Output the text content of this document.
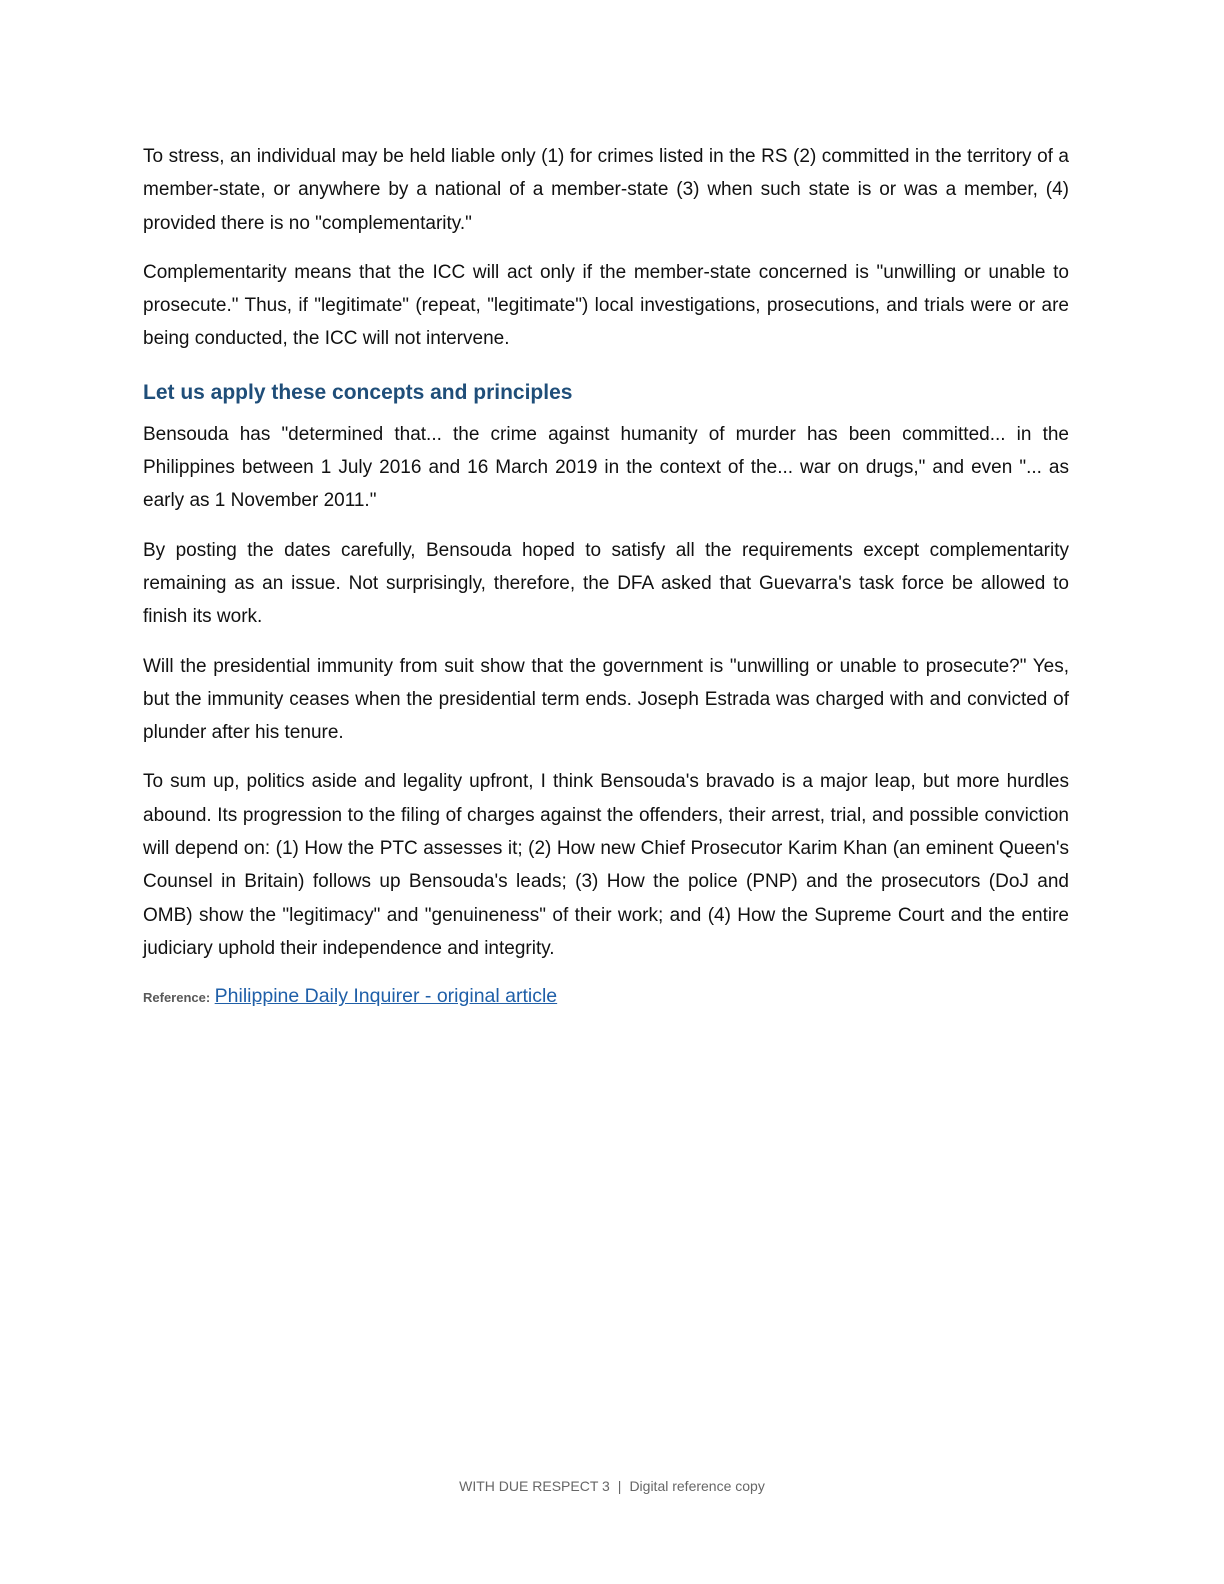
To stress, an individual may be held liable only (1) for crimes listed in the RS (2) committed in the territory of a member-state, or anywhere by a national of a member-state (3) when such state is or was a member, (4) provided there is no "complementarity."

Complementarity means that the ICC will act only if the member-state concerned is "unwilling or unable to prosecute." Thus, if "legitimate" (repeat, "legitimate") local investigations, prosecutions, and trials were or are being conducted, the ICC will not intervene.

Let us apply these concepts and principles

Bensouda has "determined that... the crime against humanity of murder has been committed... in the Philippines between 1 July 2016 and 16 March 2019 in the context of the... war on drugs," and even "... as early as 1 November 2011."

By posting the dates carefully, Bensouda hoped to satisfy all the requirements except complementarity remaining as an issue. Not surprisingly, therefore, the DFA asked that Guevarra's task force be allowed to finish its work.

Will the presidential immunity from suit show that the government is "unwilling or unable to prosecute?" Yes, but the immunity ceases when the presidential term ends. Joseph Estrada was charged with and convicted of plunder after his tenure.

To sum up, politics aside and legality upfront, I think Bensouda's bravado is a major leap, but more hurdles abound. Its progression to the filing of charges against the offenders, their arrest, trial, and possible conviction will depend on: (1) How the PTC assesses it; (2) How new Chief Prosecutor Karim Khan (an eminent Queen's Counsel in Britain) follows up Bensouda's leads; (3) How the police (PNP) and the prosecutors (DoJ and OMB) show the "legitimacy" and "genuineness" of their work; and (4) How the Supreme Court and the entire judiciary uphold their independence and integrity.

Reference: Philippine Daily Inquirer - original article
WITH DUE RESPECT 3 | Digital reference copy
